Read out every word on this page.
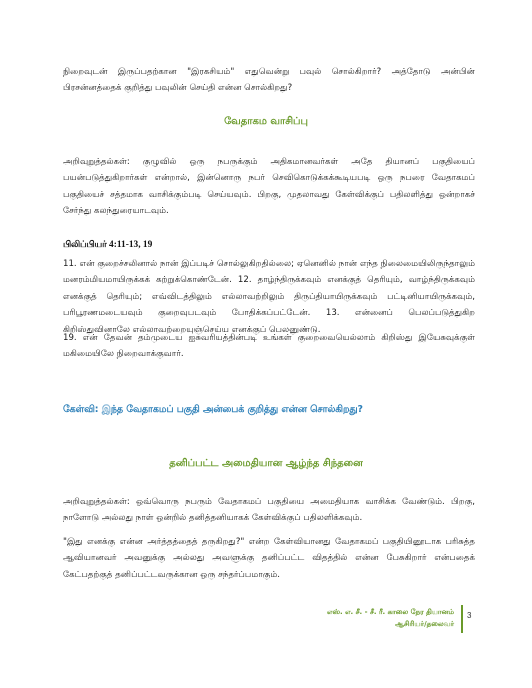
நிறைவுடன் இருப்பதற்கான "இரகசியம்" எதுவென்று பவுல் சொல்கிறார்? அத்தோடு அன்பின் பிரசன்னத்தைக் குறித்து பவுலின் செய்தி என்ன சொல்கிறது?

வேதாகம வாசிப்பு

அறிவுறுத்தல்கள்: குழுவில் ஒரு நபருக்கும் அதிகமானவர்கள் அதே தியானப் பகுதியைப் பயன்படுத்துகிறார்கள் என்றால், இன்னொரு நபர் செவிகொடுக்கக்கூடியபடி ஒரு நபரை வேதாகமப் பகுதியைச் சத்தமாக வாசிக்கும்படி செய்யவும். பிறகு, முதலாவது கேள்விக்குப் பதிலளித்து ஒன்றாகச் சேர்ந்து கலந்துரையாடவும்.

பிலிப்பியர் 4:11-13, 19

11. என் குறைச்சலினால் நான் இப்படிச் சொல்லுகிறதில்லை; ஏனெனில் நான் எந்த நிலைமையிலிருந்தாலும் மனரம்மியமாயிருக்கக் கற்றுக்கொண்டேன். 12. தாழ்ந்திருக்கவும் எனக்குத் தெரியும், வாழ்ந்திருக்கவும் எனக்குத் தெரியும்; எவ்விடத்திலும் எல்லாவற்றிலும் திருப்தியாயிருக்கவும் பட்டினியாயிருக்கவும், பரிபூரணமடையவும் குறைவுபடவும் போதிக்கப்பட்டேன். 13. என்னைப் பெலப்படுத்துகிற கிறிஸ்துவினாலே எல்லாவற்றையுஞ்செய்ய எனக்குப் பெலனுண்டு.

19. என் தேவன் தம்முடைய ஐசுவரியத்தின்படி உங்கள் குறைவையெல்லாம் கிறிஸ்து இயேசுவுக்குள் மகிமையிலே நிறைவாக்குவார்.

கேள்வி: இந்த வேதாகமப் பகுதி அன்பைக் குறித்து என்ன சொல்கிறது?

தனிப்பட்ட அமைதியான ஆழ்ந்த சிந்தனை

அறிவுறுத்தல்கள்: ஒவ்வொரு நபரும் வேதாகமப் பகுதியை அமைதியாக வாசிக்க வேண்டும். பிறகு, நாளோடு அல்லது நாள் ஒன்றில் தனித்தனியாகக் கேள்விக்குப் பதிலளிக்கவும்.

"இது எனக்கு என்ன அர்த்தத்தைத் தருகிறது?" என்ற கேள்வியானது வேதாகமப் பகுதியினூடாக பரிசுத்த ஆவியானவர் அவனுக்கு அல்லது அவளுக்கு தனிப்பட்ட விதத்தில் என்ன பேசுகிறார் என்பதைக் கேட்பதற்குத் தனிப்பட்டவருக்கான ஒரு சந்தர்ப்பமாகும்.

எஸ். எ. சீ. - சீ. ரீ. காலை நேர தியானம்
ஆசிரியர்/தலைவர்
3
